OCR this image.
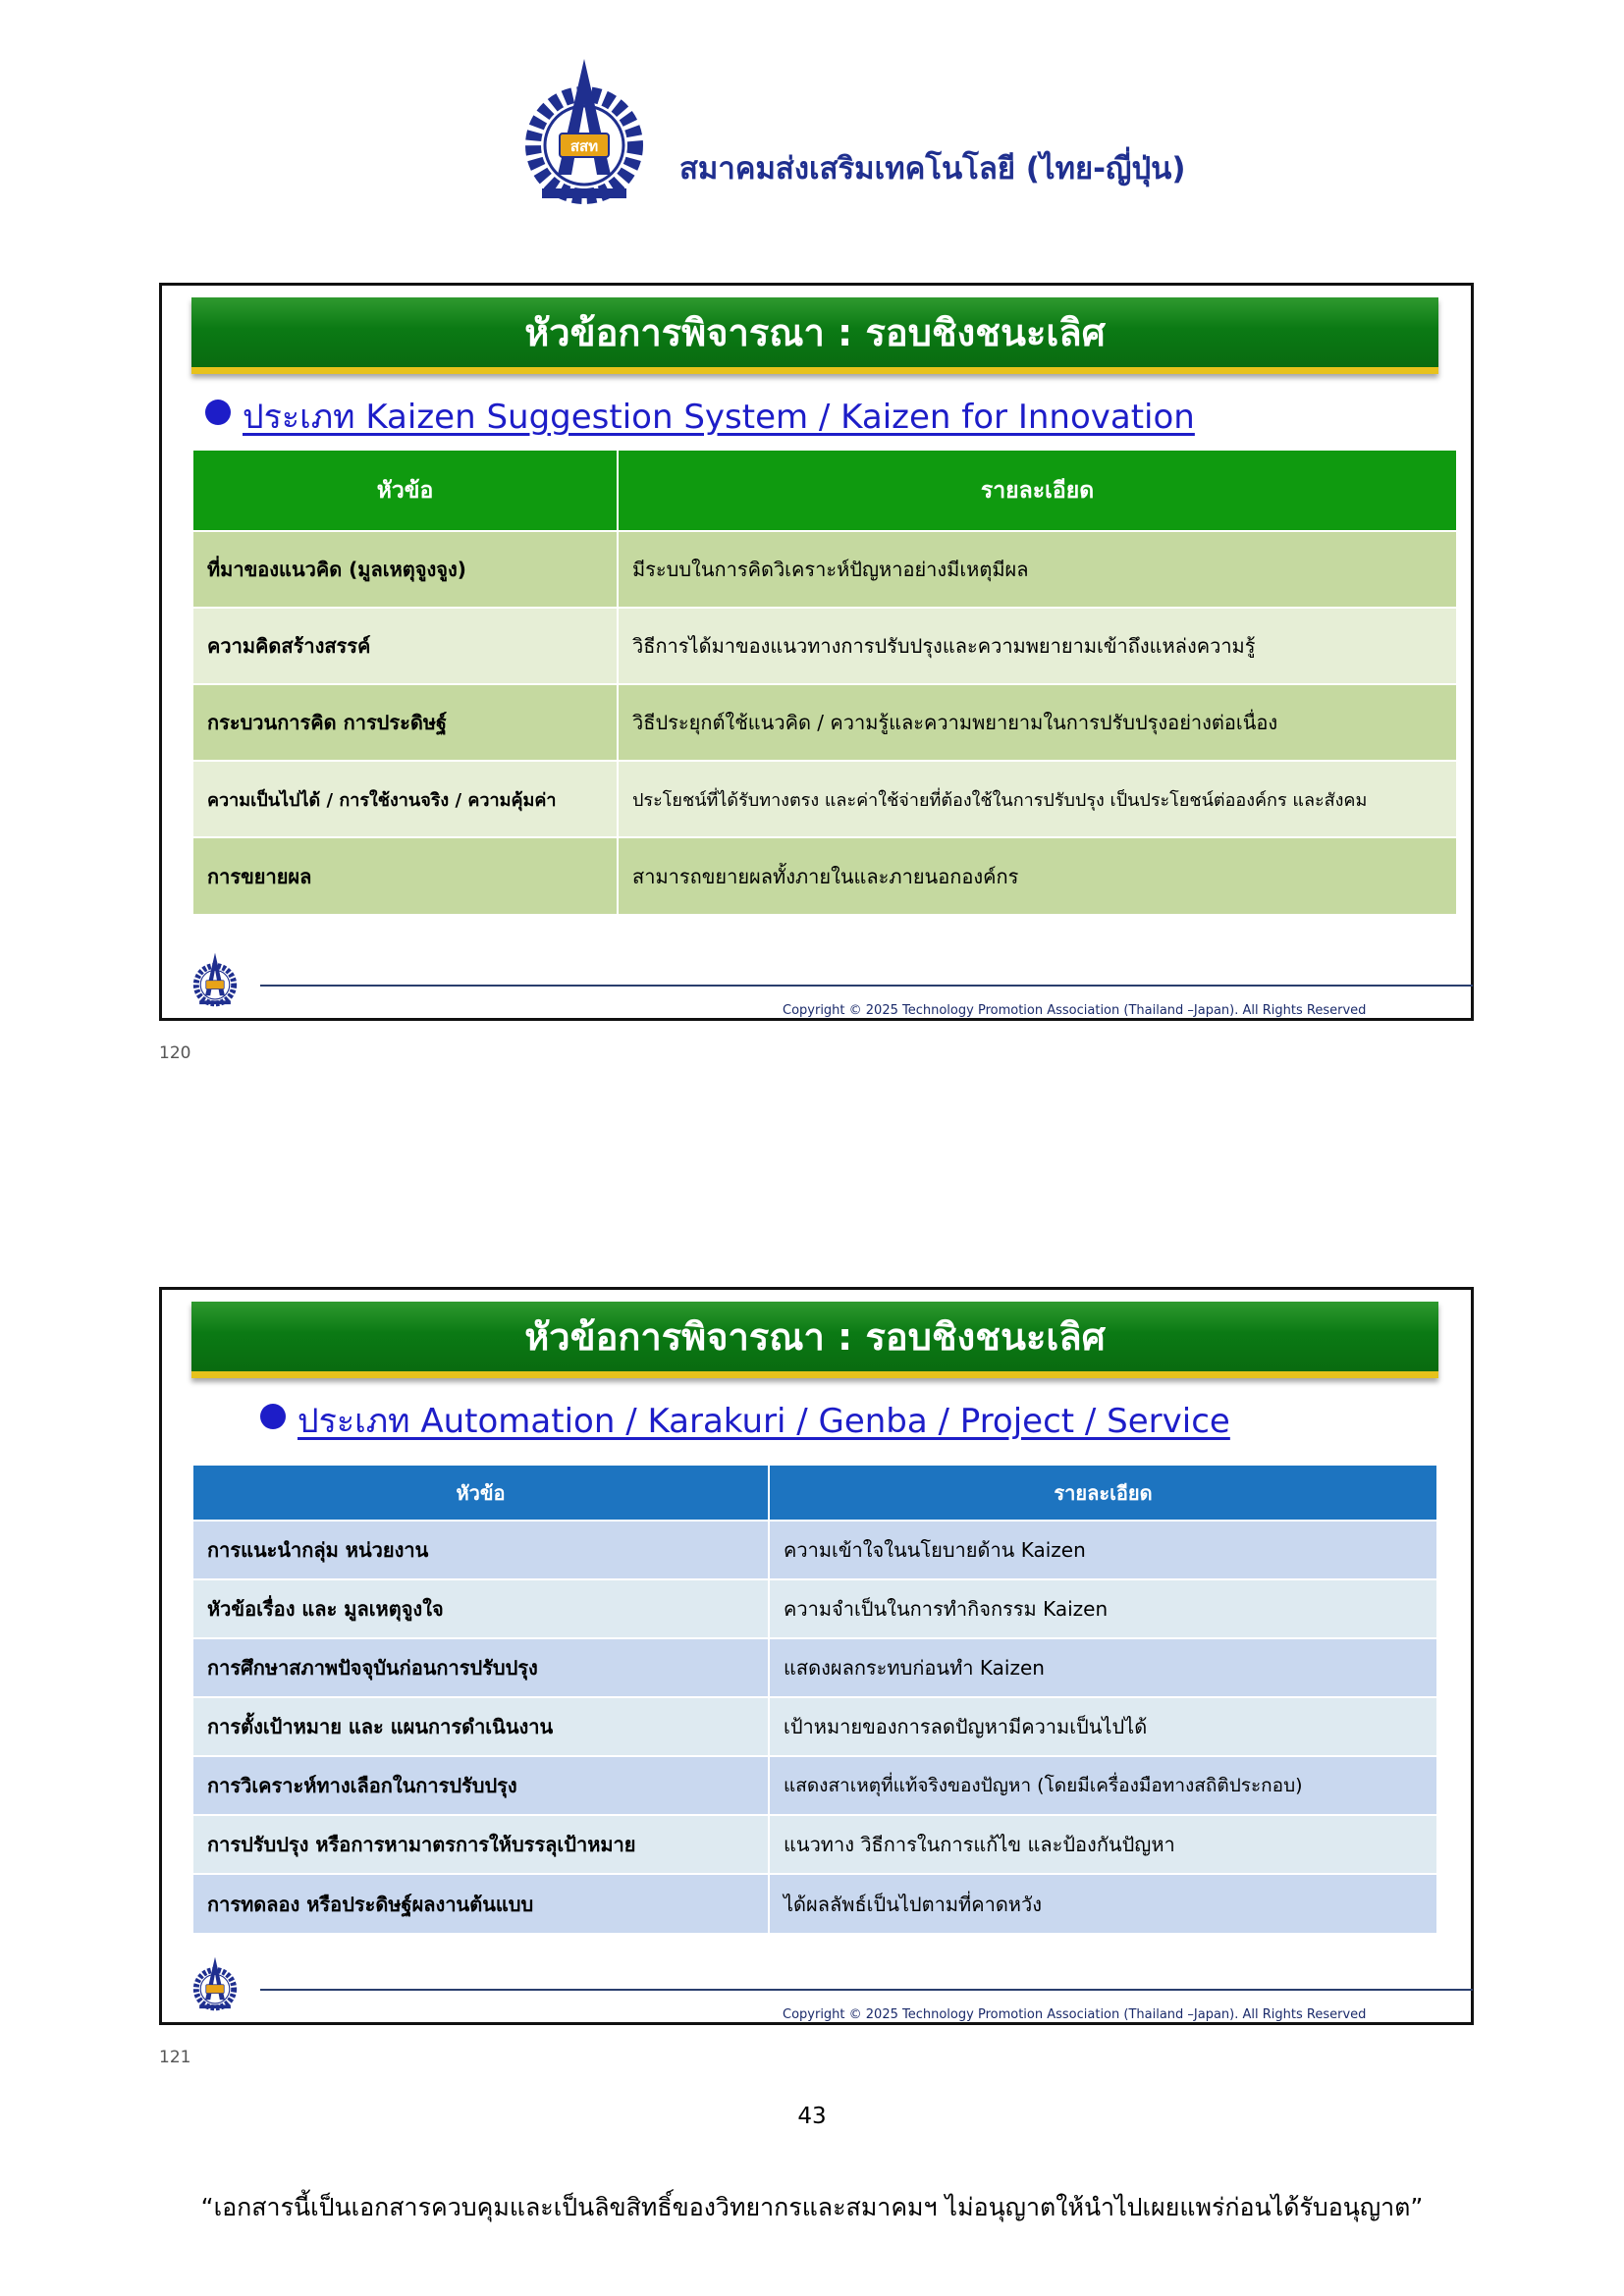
สสท
สมาคมส่งเสริมเทคโนโลยี (ไทย-ญี่ปุ่น)
หัวข้อการพิจารณา : รอบชิงชนะเลิศ
ประเภท Kaizen Suggestion System / Kaizen for Innovation
หัวข้อ	รายละเอียด
ที่มาของแนวคิด (มูลเหตุจูงจูง)	มีระบบในการคิดวิเคราะห์ปัญหาอย่างมีเหตุมีผล
ความคิดสร้างสรรค์	วิธีการได้มาของแนวทางการปรับปรุงและความพยายามเข้าถึงแหล่งความรู้
กระบวนการคิด การประดิษฐ์	วิธีประยุกต์ใช้แนวคิด / ความรู้และความพยายามในการปรับปรุงอย่างต่อเนื่อง
ความเป็นไปได้ / การใช้งานจริง / ความคุ้มค่า	ประโยชน์ที่ได้รับทางตรง และค่าใช้จ่ายที่ต้องใช้ในการปรับปรุง เป็นประโยชน์ต่อองค์กร และสังคม
การขยายผล	สามารถขยายผลทั้งภายในและภายนอกองค์กร
Copyright © 2025 Technology Promotion Association (Thailand –Japan). All Rights Reserved
120
หัวข้อการพิจารณา : รอบชิงชนะเลิศ
ประเภท Automation / Karakuri / Genba / Project / Service
หัวข้อ	รายละเอียด
การแนะนำกลุ่ม หน่วยงาน	ความเข้าใจในนโยบายด้าน Kaizen
หัวข้อเรื่อง และ มูลเหตุจูงใจ	ความจำเป็นในการทำกิจกรรม Kaizen
การศึกษาสภาพปัจจุบันก่อนการปรับปรุง	แสดงผลกระทบก่อนทำ Kaizen
การตั้งเป้าหมาย และ แผนการดำเนินงาน	เป้าหมายของการลดปัญหามีความเป็นไปได้
การวิเคราะห์ทางเลือกในการปรับปรุง	แสดงสาเหตุที่แท้จริงของปัญหา (โดยมีเครื่องมือทางสถิติประกอบ)
การปรับปรุง หรือการหามาตรการให้บรรลุเป้าหมาย	แนวทาง วิธีการในการแก้ไข และป้องกันปัญหา
การทดลอง หรือประดิษฐ์ผลงานต้นแบบ	ได้ผลลัพธ์เป็นไปตามที่คาดหวัง
Copyright © 2025 Technology Promotion Association (Thailand –Japan). All Rights Reserved
121
43
“เอกสารนี้เป็นเอกสารควบคุมและเป็นลิขสิทธิ์ของวิทยากรและสมาคมฯ ไม่อนุญาตให้นำไปเผยแพร่ก่อนได้รับอนุญาต”
